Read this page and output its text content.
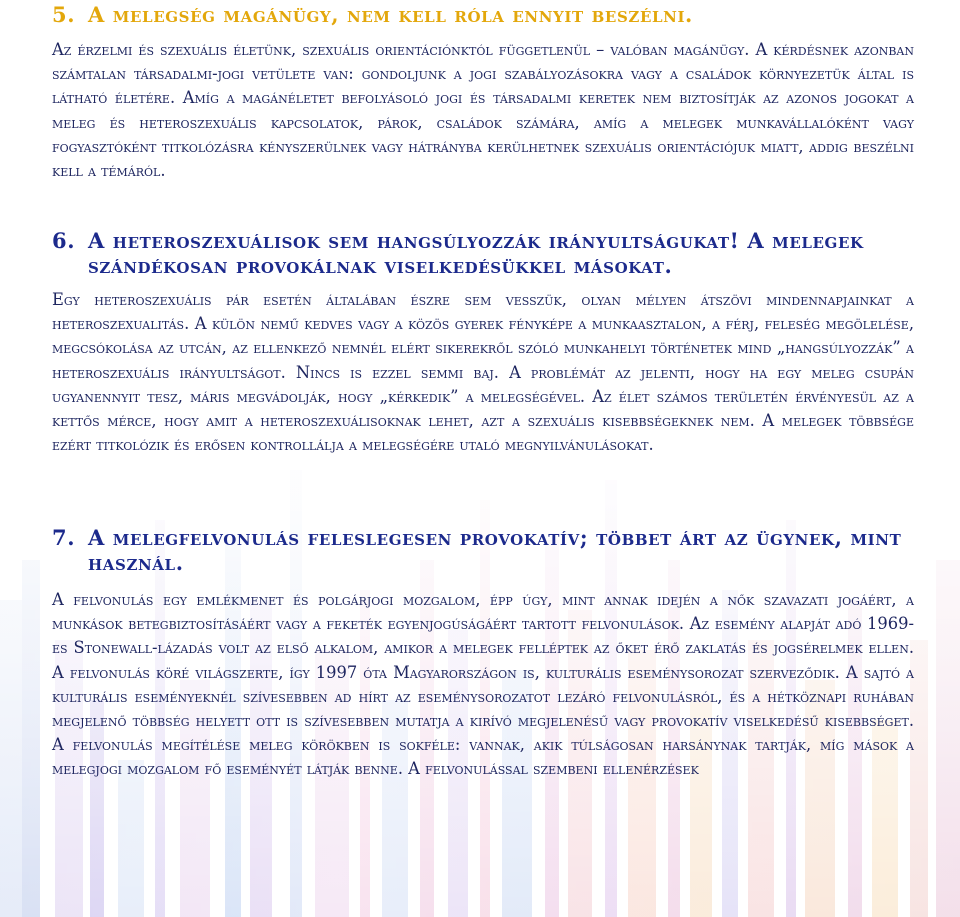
5. A melegség magánügy, nem kell róla ennyit beszélni.

Az érzelmi és szexuális életünk, szexuális orientációnktól függetlenül – valóban magánügy. A kérdésnek azonban számtalan társadalmi-jogi vetülete van: gondoljunk a jogi szabályozásokra vagy a családok környezetük által is látható életére. Amíg a magánéletet befolyásoló jogi és társadalmi keretek nem biztosítják az azonos jogokat a meleg és heteroszexuális kapcsolatok, párok, családok számára, amíg a melegek munkavállalóként vagy fogyasztóként titkolózásra kényszerülnek vagy hátrányba kerülhetnek szexuális orientációjuk miatt, addig beszélni kell a témáról.

6. A heteroszexuálisok sem hangsúlyozzák irányultságukat! A melegek szándékosan provokálnak viselkedésükkel másokat.

Egy heteroszexuális pár esetén általában észre sem vesszük, olyan mélyen átszövi mindennapjainkat a heteroszexualitás. A külön nemű kedves vagy a közös gyerek fényképe a munkaasztalon, a férj, feleség megölelése, megcsókolása az utcán, az ellenkező nemnél elért sikerekről szóló munkahelyi történetek mind „hangsúlyozzák” a heteroszexuális irányultságot. Nincs is ezzel semmi baj. A problémát az jelenti, hogy ha egy meleg csupán ugyanennyit tesz, máris megvádolják, hogy „kérkedik” a melegségével. Az élet számos területén érvényesül az a kettős mérce, hogy amit a heteroszexuálisoknak lehet, azt a szexuális kisebbségeknek nem. A melegek többsége ezért titkolózik és erősen kontrollálja a melegségére utaló megnyilvánulásokat.

7. A melegfelvonulás feleslegesen provokatív; többet árt az ügynek, mint használ.

A felvonulás egy emlékmenet és polgárjogi mozgalom, épp úgy, mint annak idején a nők szavazati jogáért, a munkások betegbiztosításáért vagy a feketék egyenjogúságáért tartott felvonulások. Az esemény alapját adó 1969-es Stonewall-lázadás volt az első alkalom, amikor a melegek felléptek az őket érő zaklatás és jogsérelmek ellen. A felvonulás köré világszerte, így 1997 óta Magyarországon is, kulturális eseménysorozat szerveződik. A sajtó a kulturális eseményeknél szívesebben ad hírt az eseménysorozatot lezáró felvonulásról, és a hétköznapi ruhában megjelenő többség helyett ott is szívesebben mutatja a kirívó megjelenésű vagy provokatív viselkedésű kisebbséget. A felvonulás megítélése meleg körökben is sokféle: vannak, akik túlságosan harsánynak tartják, míg mások a melegjogi mozgalom fő eseményét látják benne. A felvonulással szembeni ellenérzések
